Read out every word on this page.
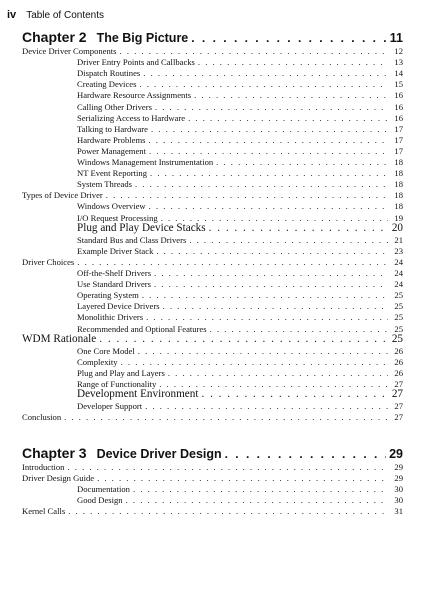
iv Table of Contents
Chapter 2 The Big Picture . . .	11
Device Driver Components . . .	12
Driver Entry Points and Callbacks . . .	13
Dispatch Routines . . .	14
Creating Devices . . .	15
Hardware Resource Assignments . . .	16
Calling Other Drivers . . .	16
Serializing Access to Hardware . . .	16
Talking to Hardware . . .	17
Hardware Problems . . .	17
Power Management . . .	17
Windows Management Instrumentation . . .	18
NT Event Reporting . . .	18
System Threads . . .	18
Types of Device Driver . . .	18
Windows Overview . . .	18
I/O Request Processing . . .	19
Plug and Play Device Stacks . . .	20
Standard Bus and Class Drivers . . .	21
Example Driver Stack . . .	23
Driver Choices . . .	24
Off-the-Shelf Drivers . . .	24
Use Standard Drivers . . .	24
Operating System . . .	25
Layered Device Drivers . . .	25
Monolithic Drivers . . .	25
Recommended and Optional Features . . .	25
WDM Rationale . . .	25
One Core Model . . .	26
Complexity . . .	26
Plug and Play and Layers . . .	26
Range of Functionality . . .	27
Development Environment . . .	27
Developer Support . . .	27
Conclusion . . .	27
Chapter 3 Device Driver Design . . .	29
Introduction . . .	29
Driver Design Guide . . .	29
Documentation . . .	30
Good Design . . .	30
Kernel Calls . . .	31
